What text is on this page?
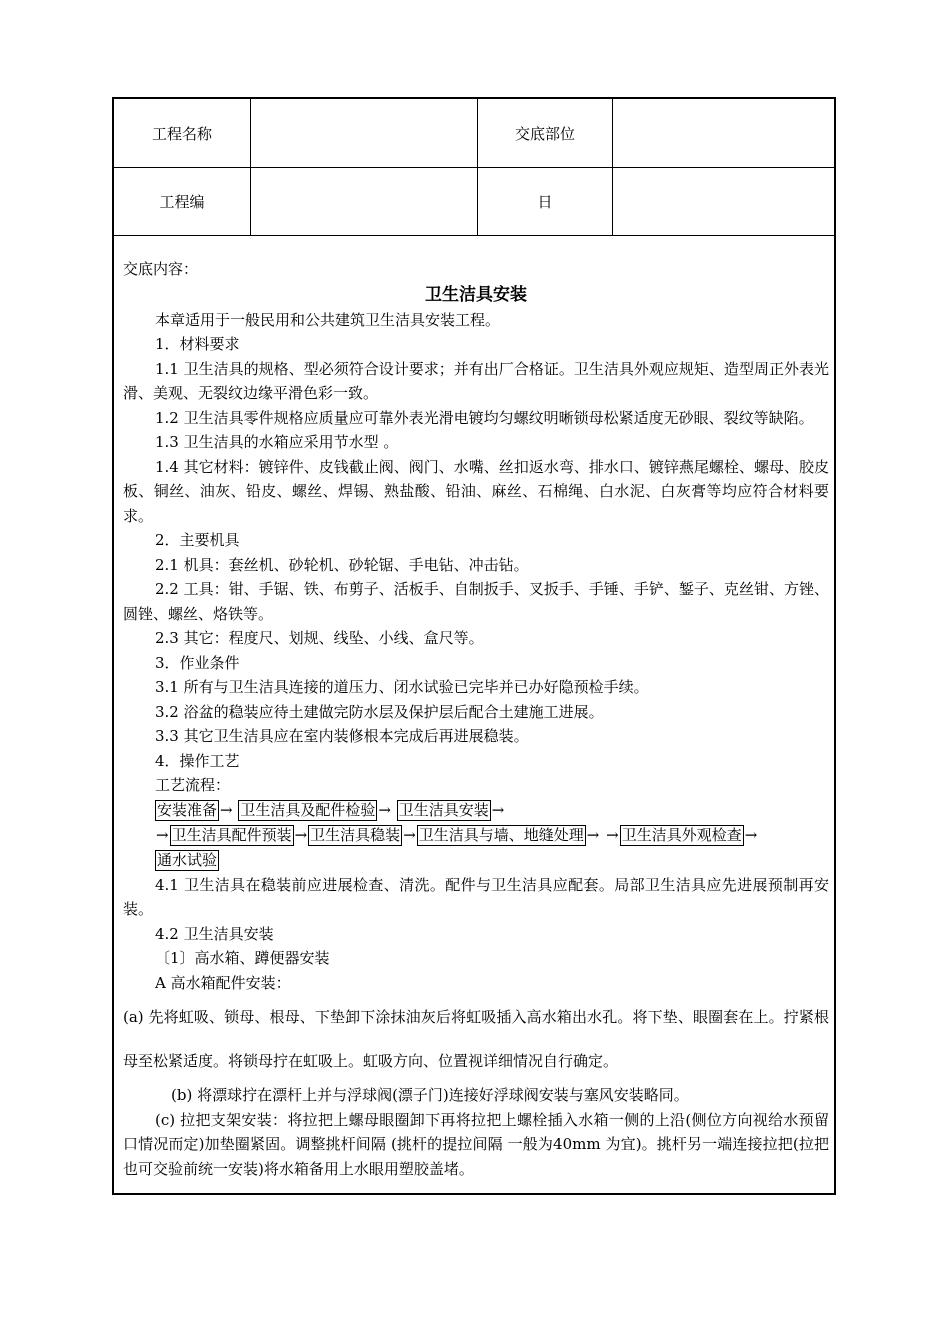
工程名称	交底部位
工程编	日
交底内容：
卫生洁具安装
本章适用于一般民用和公共建筑卫生洁具安装工程。
1．材料要求
1.1 卫生洁具的规格、型必须符合设计要求；并有出厂合格证。卫生洁具外观应规矩、造型周正外表光滑、美观、无裂纹边缘平滑色彩一致。
1.2 卫生洁具零件规格应质量应可靠外表光滑电镀均匀螺纹明晰锁母松紧适度无砂眼、裂纹等缺陷。
1.3 卫生洁具的水箱应采用节水型 。
1.4 其它材料：镀锌件、皮钱截止阀、阀门、水嘴、丝扣返水弯、排水口、镀锌燕尾螺栓、螺母、胶皮板、铜丝、油灰、铅皮、螺丝、焊锡、熟盐酸、铅油、麻丝、石棉绳、白水泥、白灰膏等均应符合材料要求。
2．主要机具
2.1 机具：套丝机、砂轮机、砂轮锯、手电钻、冲击钻。
2.2 工具：钳、手锯、铁、布剪子、活板手、自制扳手、叉扳手、手锤、手铲、錾子、克丝钳、方锉、圆锉、螺丝、烙铁等。
2.3 其它：程度尺、划规、线坠、小线、盒尺等。
3．作业条件
3.1 所有与卫生洁具连接的道压力、闭水试验已完毕并已办好隐预检手续。
3.2 浴盆的稳装应待土建做完防水层及保护层后配合土建施工进展。
3.3 其它卫生洁具应在室内装修根本完成后再进展稳装。
4．操作工艺
工艺流程：
安装准备 → 卫生洁具及配件检验 → 卫生洁具安装 →
→ 卫生洁具配件预装 → 卫生洁具稳装 → 卫生洁具与墙、地缝处理 → → 卫生洁具外观检查 →
通水试验
4.1 卫生洁具在稳装前应进展检查、清洗。配件与卫生洁具应配套。局部卫生洁具应先进展预制再安装。
4.2 卫生洁具安装
〔1〕高水箱、蹲便器安装
A 高水箱配件安装：
(a) 先将虹吸、锁母、根母、下垫卸下涂抹油灰后将虹吸插入高水箱出水孔。将下垫、眼圈套在上。拧紧根母至松紧适度。将锁母拧在虹吸上。虹吸方向、位置视详细情况自行确定。
(b) 将漂球拧在漂杆上并与浮球阀(漂子门)连接好浮球阀安装与塞风安装略同。
(c) 拉把支架安装：将拉把上螺母眼圈卸下再将拉把上螺栓插入水箱一侧的上沿(侧位方向视给水预留口情况而定)加垫圈紧固。调整挑杆间隔 (挑杆的提拉间隔 一般为40mm 为宜)。挑杆另一端连接拉把(拉把也可交验前统一安装)将水箱备用上水眼用塑胶盖堵。
